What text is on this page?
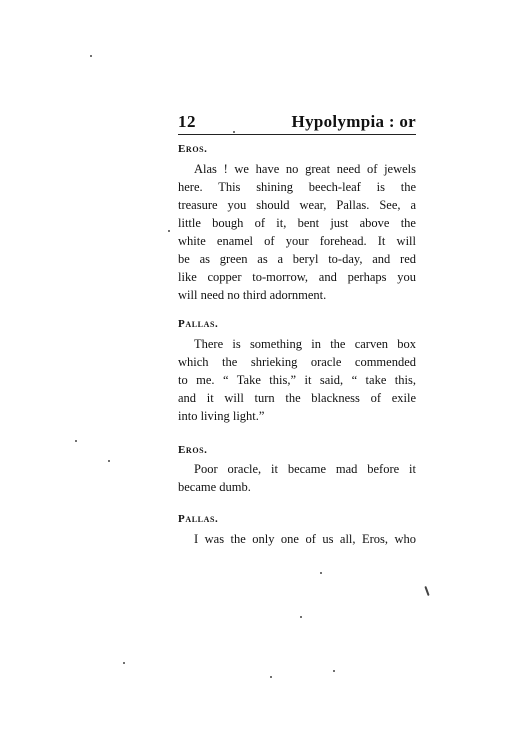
12	Hypolympia : or
Eros.
Alas ! we have no great need of jewels
here. This shining beech-leaf is the
treasure you should wear, Pallas. See, a
little bough of it, bent just above the
white enamel of your forehead. It will
be as green as a beryl to-day, and red
like copper to-morrow, and perhaps you
will need no third adornment.
Pallas.
There is something in the carven box
which the shrieking oracle commended
to me. “ Take this,” it said, “ take this,
and it will turn the blackness of exile
into living light.”
Eros.
Poor oracle, it became mad before it
became dumb.
Pallas.
I was the only one of us all, Eros, who
